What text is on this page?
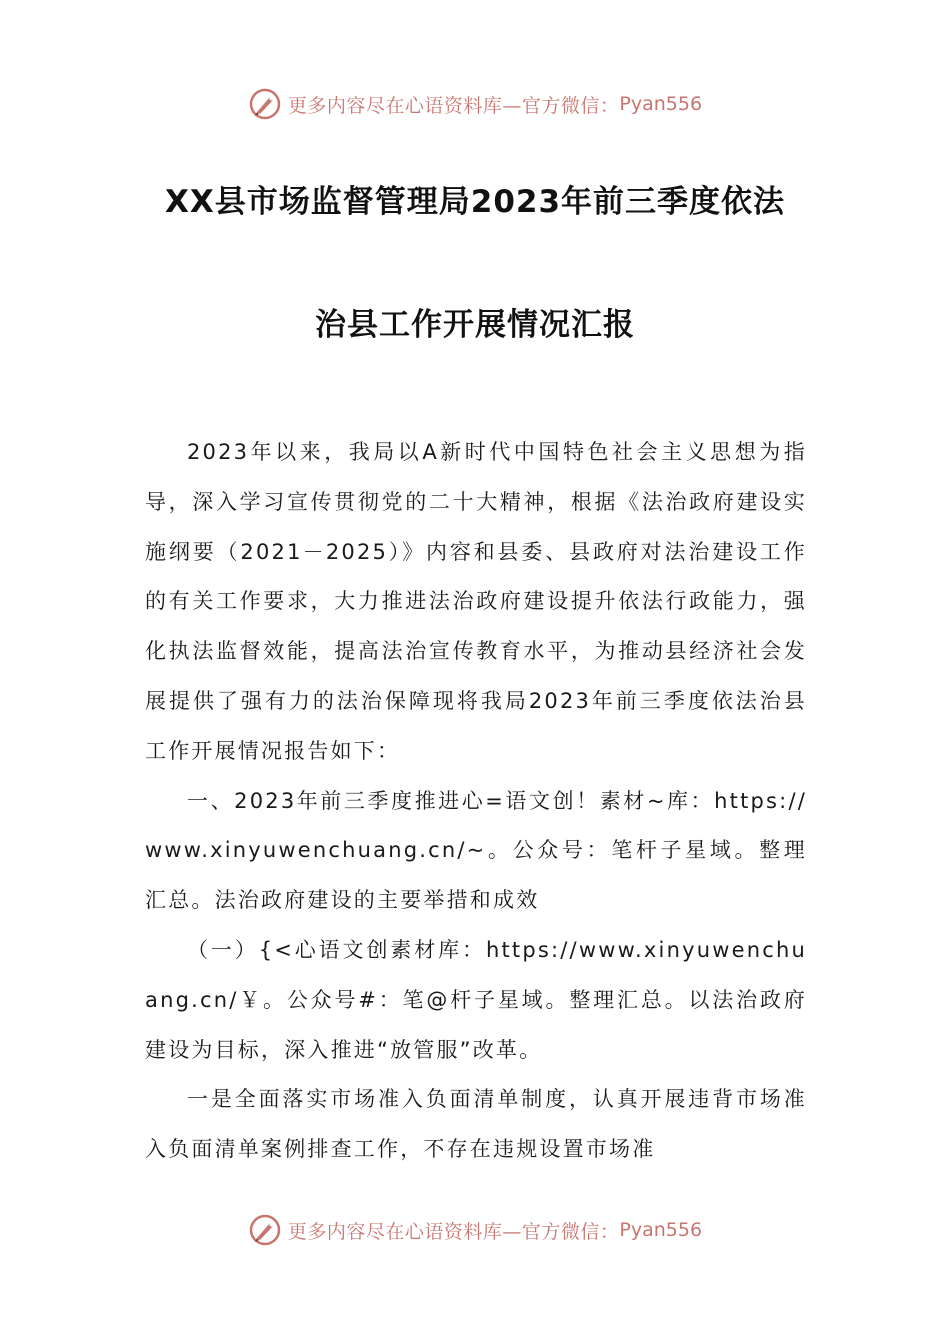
更多内容尽在心语资料库—官方微信： Pyan556
XX县市场监督管理局2023年前三季度依法
治县工作开展情况汇报

2023年以来，我局以A新时代中国特色社会主义思想为指导，深入学习宣传贯彻党的二十大精神，根据《法治政府建设实施纲要（2021－2025）》内容和县委、县政府对法治建设工作的有关工作要求，大力推进法治政府建设提升依法行政能力，强化执法监督效能，提高法治宣传教育水平，为推动县经济社会发展提供了强有力的法治保障现将我局2023年前三季度依法治县工作开展情况报告如下：

一、2023年前三季度推进心=语文创！素材~库：https://www.xinyuwenchuang.cn/~。公众号：笔杆子星域。整理汇总。法治政府建设的主要举措和成效

（一）{<心语文创素材库：https://www.xinyuwenchuang.cn/￥。公众号#：笔@杆子星域。整理汇总。以法治政府建设为目标，深入推进“放管服”改革。

一是全面落实市场准入负面清单制度，认真开展违背市场准入负面清单案例排查工作，不存在违规设置市场准

更多内容尽在心语资料库—官方微信： Pyan556
